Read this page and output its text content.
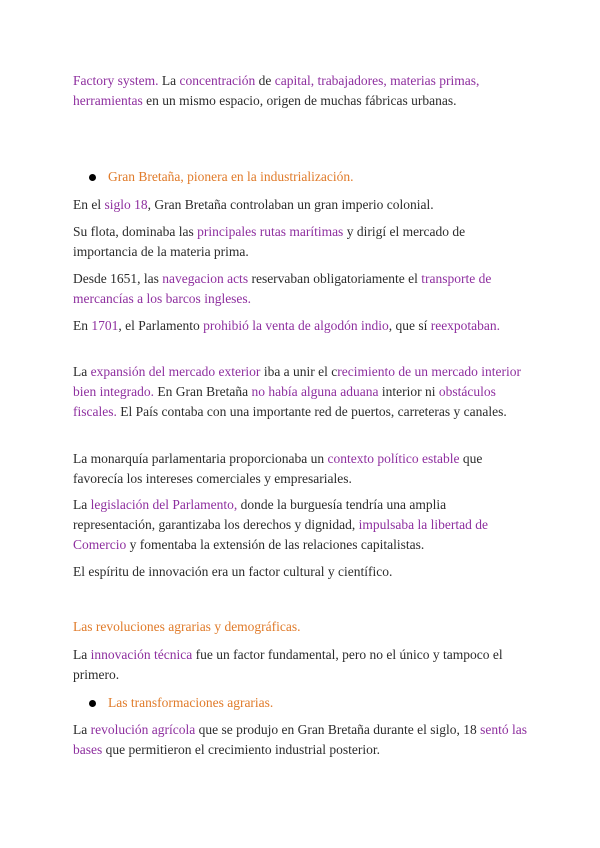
Factory system. La concentración de capital, trabajadores, materias primas, herramientas en un mismo espacio, origen de muchas fábricas urbanas.
Gran Bretaña, pionera en la industrialización.
En el siglo 18, Gran Bretaña controlaban un gran imperio colonial.
Su flota, dominaba las principales rutas marítimas y dirigí el mercado de importancia de la materia prima.
Desde 1651, las navegacion acts reservaban obligatoriamente el transporte de mercancías a los barcos ingleses.
En 1701, el Parlamento prohibió la venta de algodón indio, que sí reexpotaban.
La expansión del mercado exterior iba a unir el crecimiento de un mercado interior bien integrado. En Gran Bretaña no había alguna aduana interior ni obstáculos fiscales. El País contaba con una importante red de puertos, carreteras y canales.
La monarquía parlamentaria proporcionaba un contexto político estable que favorecía los intereses comerciales y empresariales.
La legislación del Parlamento, donde la burguesía tendría una amplia representación, garantizaba los derechos y dignidad, impulsaba la libertad de Comercio y fomentaba la extensión de las relaciones capitalistas.
El espíritu de innovación era un factor cultural y científico.
Las revoluciones agrarias y demográficas.
La innovación técnica fue un factor fundamental, pero no el único y tampoco el primero.
Las transformaciones agrarias.
La revolución agrícola que se produjo en Gran Bretaña durante el siglo, 18 sentó las bases que permitieron el crecimiento industrial posterior.
